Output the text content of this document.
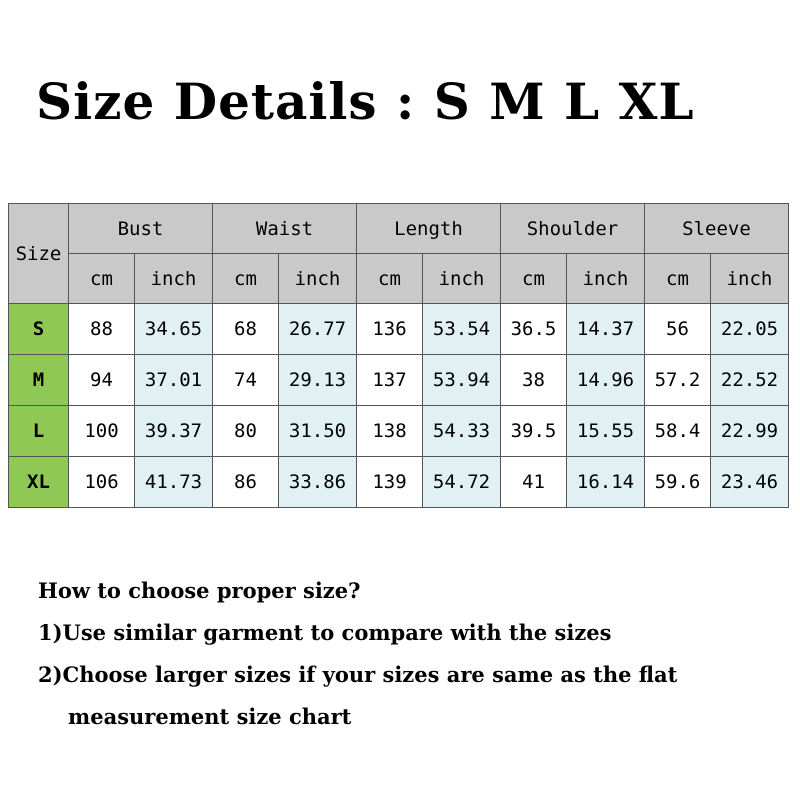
Size Details : S M L XL
Size	Bust		Waist		Length		Shoulder		Sleeve	
	cm	inch	cm	inch	cm	inch	cm	inch	cm	inch
S	88	34.65	68	26.77	136	53.54	36.5	14.37	56	22.05
M	94	37.01	74	29.13	137	53.94	38	14.96	57.2	22.52
L	100	39.37	80	31.50	138	54.33	39.5	15.55	58.4	22.99
XL	106	41.73	86	33.86	139	54.72	41	16.14	59.6	23.46

How to choose proper size?

1)Use similar garment to compare with the sizes

2)Choose larger sizes if your sizes are same as the flat

measurement size chart
